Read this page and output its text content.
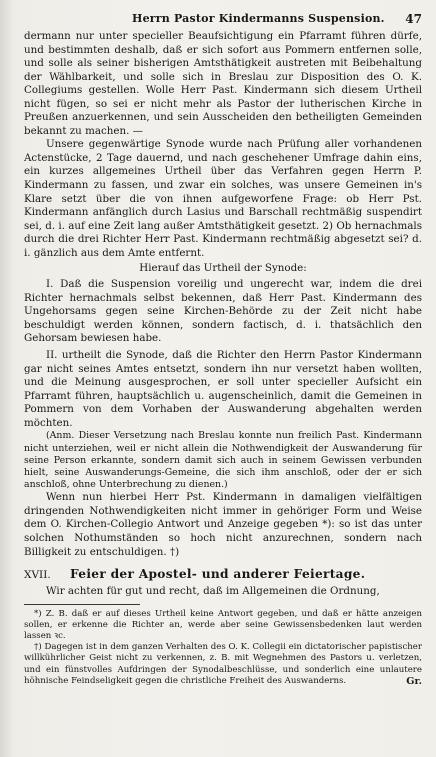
Herrn Pastor Kindermanns Suspension. 47

dermann nur unter specieller Beaufsichtigung ein Pfarramt führen dürfe, und bestimmten deshalb, daß er sich sofort aus Pommern entfernen solle, und solle als seiner bisherigen Amtsthätigkeit austreten mit Beibehaltung der Wählbarkeit, und solle sich in Breslau zur Disposition des O. K. Collegiums gestellen. Wolle Herr Past. Kindermann sich diesem Urtheil nicht fügen, so sei er nicht mehr als Pastor der lutherischen Kirche in Preußen anzuerkennen, und sein Ausscheiden den betheiligten Gemeinden bekannt zu machen. —

Unsere gegenwärtige Synode wurde nach Prüfung aller vorhandenen Actenstücke, 2 Tage dauernd, und nach geschehener Umfrage dahin eins, ein kurzes allgemeines Urtheil über das Verfahren gegen Herrn P. Kindermann zu fassen, und zwar ein solches, was unsere Gemeinen in's Klare setzt über die von ihnen aufgeworfene Frage: ob Herr Pst. Kindermann anfänglich durch Lasius und Barschall rechtmäßig suspendirt sei, d. i. auf eine Zeit lang außer Amtsthätigkeit gesetzt. 2) Ob hernachmals durch die drei Richter Herr Past. Kindermann rechtmäßig abgesetzt sei? d. i. gänzlich aus dem Amte entfernt.

Hierauf das Urtheil der Synode:

I. Daß die Suspension voreilig und ungerecht war, indem die drei Richter hernachmals selbst bekennen, daß Herr Past. Kindermann des Ungehorsams gegen seine Kirchen-Behörde zu der Zeit nicht habe beschuldigt werden können, sondern factisch, d. i. thatsächlich den Gehorsam bewiesen habe.

II. urtheilt die Synode, daß die Richter den Herrn Pastor Kindermann gar nicht seines Amtes entsetzt, sondern ihn nur versetzt haben wollten, und die Meinung ausgesprochen, er soll unter specieller Aufsicht ein Pfarramt führen, hauptsächlich u. augenscheinlich, damit die Gemeinen in Pommern von dem Vorhaben der Auswanderung abgehalten werden möchten.

(Anm. Dieser Versetzung nach Breslau konnte nun freilich Past. Kindermann nicht unterziehen, weil er nicht allein die Nothwendigkeit der Auswanderung für seine Person erkannte, sondern damit sich auch in seinem Gewissen verbunden hielt, seine Auswanderungs-Gemeine, die sich ihm anschloß, oder der er sich anschloß, ohne Unterbrechung zu dienen.)

Wenn nun hierbei Herr Pst. Kindermann in damaligen vielfältigen dringenden Nothwendigkeiten nicht immer in gehöriger Form und Weise dem O. Kirchen-Collegio Antwort und Anzeige gegeben *): so ist das unter solchen Nothumständen so hoch nicht anzurechnen, sondern nach Billigkeit zu entschuldigen. †)

XVII.	Feier der Apostel- und anderer Feiertage.

Wir achten für gut und recht, daß im Allgemeinen die Ordnung,

*) Z. B. daß er auf dieses Urtheil keine Antwort gegeben, und daß er hätte anzeigen sollen, er erkenne die Richter an, werde aber seine Gewissensbedenken laut werden lassen ꝛc.

†) Dagegen ist in dem ganzen Verhalten des O. K. Collegii ein dictatorischer papistischer willkührlicher Geist nicht zu verkennen, z. B. mit Wegnehmen des Pastors u. verletzen, und ein fünstvolles Aufdringen der Synodalbeschlüsse, und sonderlich eine unlautere höhnische Feindseligkeit gegen die christliche Freiheit des Auswanderns.	Gr.
